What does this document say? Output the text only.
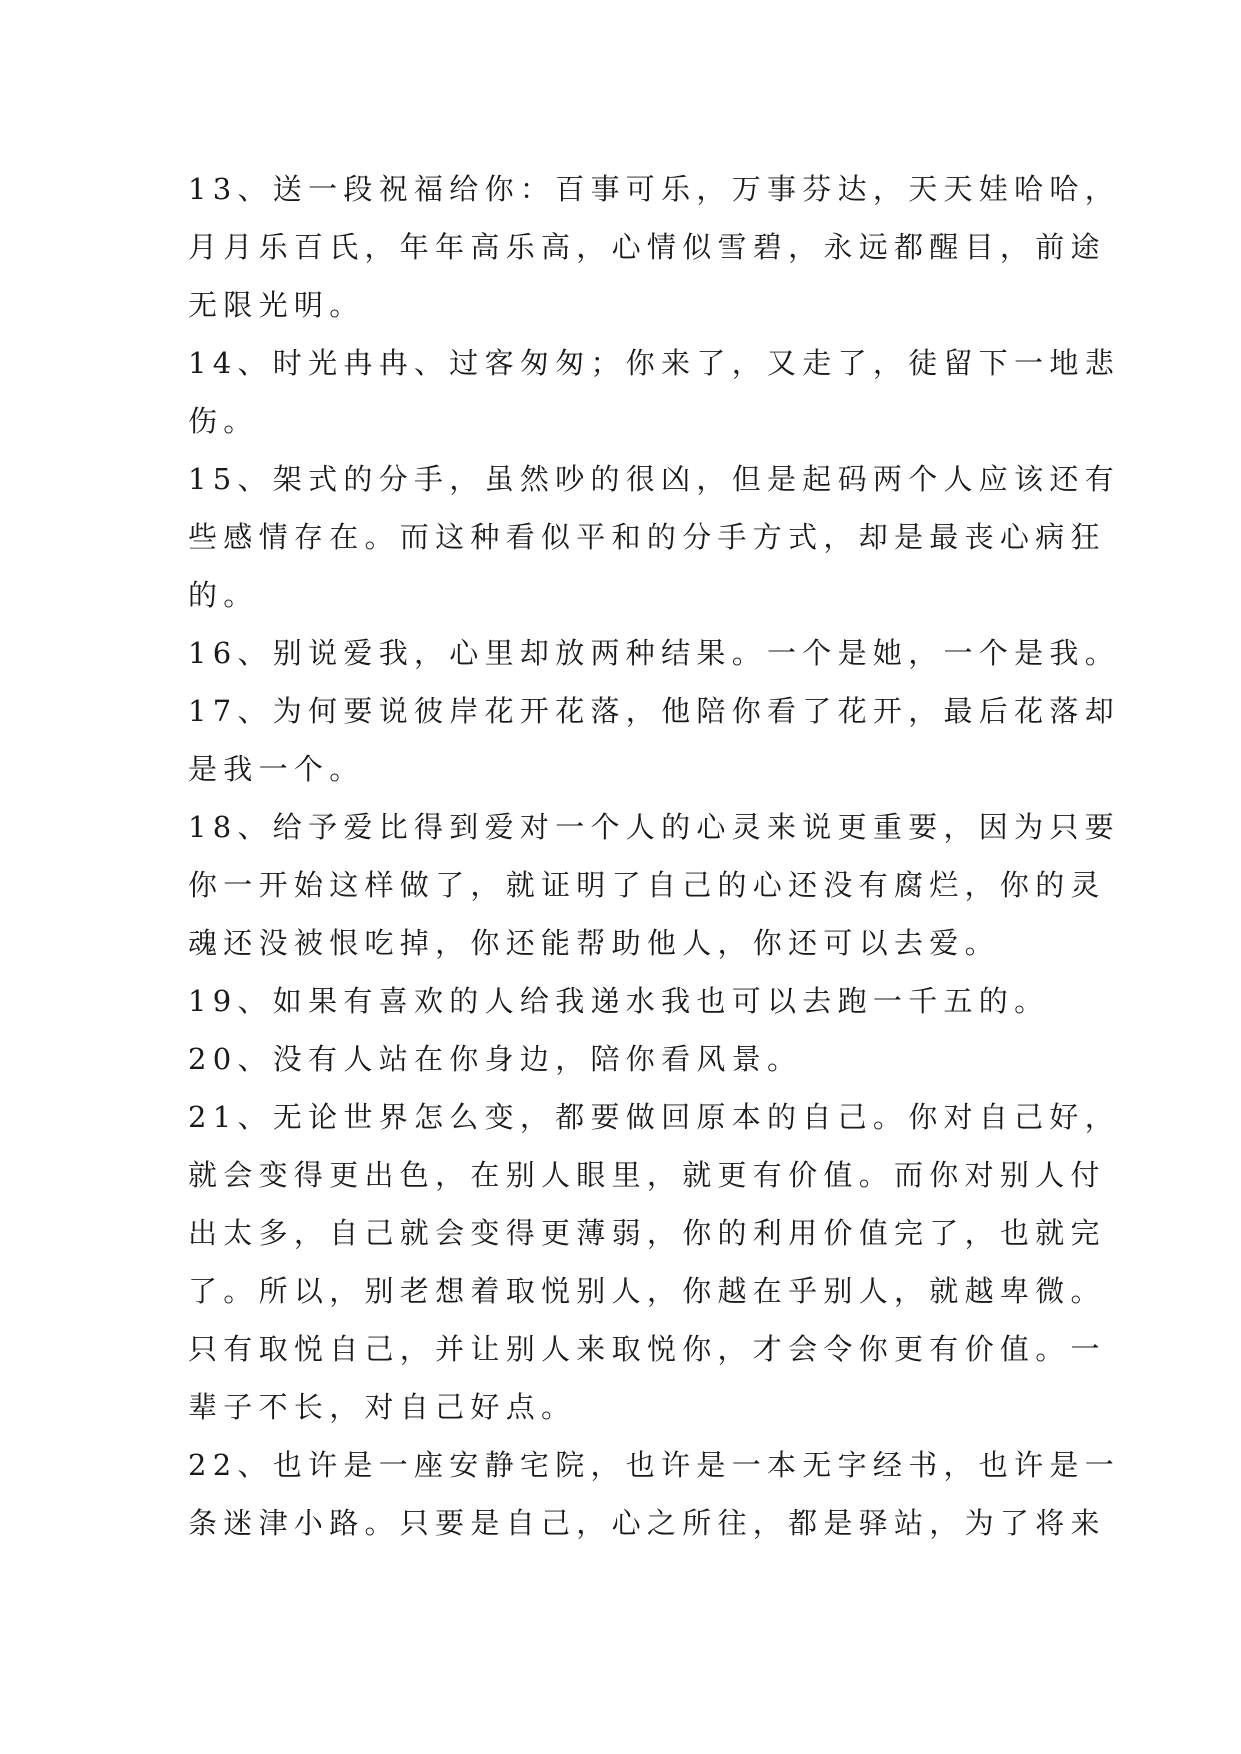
13、送一段祝福给你：百事可乐，万事芬达，天天娃哈哈，
月月乐百氏，年年高乐高，心情似雪碧，永远都醒目，前途
无限光明。
14、时光冉冉、过客匆匆；你来了，又走了，徒留下一地悲
伤。
15、架式的分手，虽然吵的很凶，但是起码两个人应该还有
些感情存在。而这种看似平和的分手方式，却是最丧心病狂
的。
16、别说爱我，心里却放两种结果。一个是她，一个是我。
17、为何要说彼岸花开花落，他陪你看了花开，最后花落却
是我一个。
18、给予爱比得到爱对一个人的心灵来说更重要，因为只要
你一开始这样做了，就证明了自己的心还没有腐烂，你的灵
魂还没被恨吃掉，你还能帮助他人，你还可以去爱。
19、如果有喜欢的人给我递水我也可以去跑一千五的。
20、没有人站在你身边，陪你看风景。
21、无论世界怎么变，都要做回原本的自己。你对自己好，
就会变得更出色，在别人眼里，就更有价值。而你对别人付
出太多，自己就会变得更薄弱，你的利用价值完了，也就完
了。所以，别老想着取悦别人，你越在乎别人，就越卑微。
只有取悦自己，并让别人来取悦你，才会令你更有价值。一
辈子不长，对自己好点。
22、也许是一座安静宅院，也许是一本无字经书，也许是一
条迷津小路。只要是自己，心之所往，都是驿站，为了将来
